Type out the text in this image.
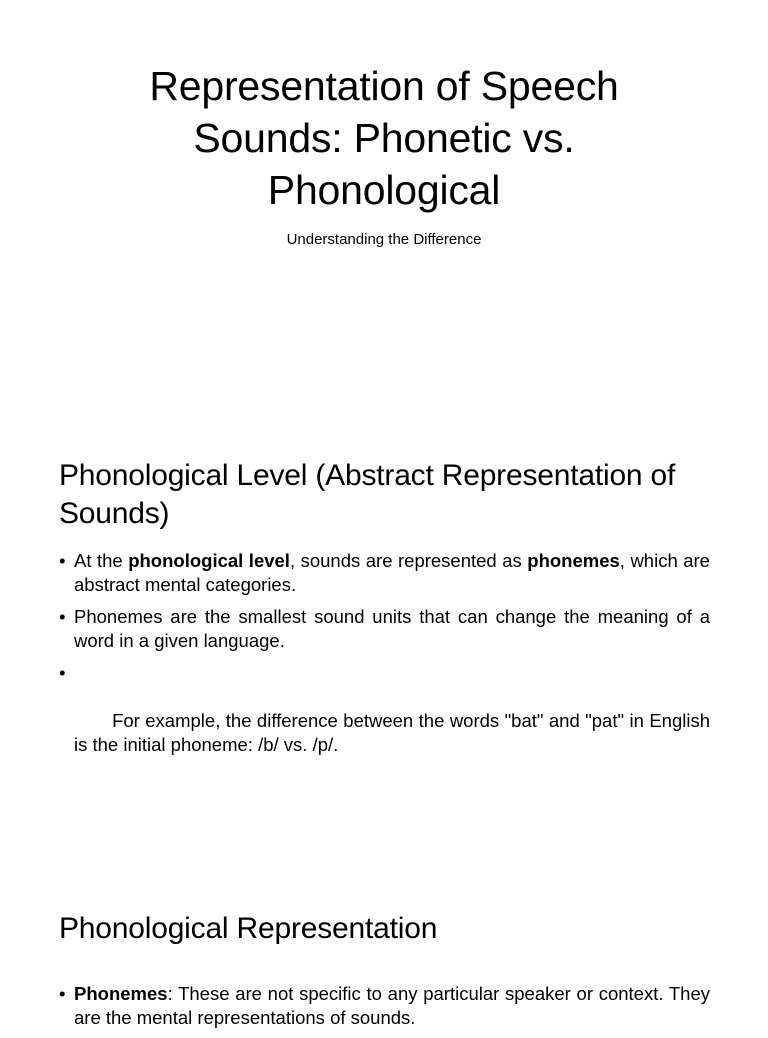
Representation of Speech Sounds: Phonetic vs. Phonological

Understanding the Difference

Phonological Level (Abstract Representation of Sounds)
• At the phonological level, sounds are represented as phonemes, which are abstract mental categories.
• Phonemes are the smallest sound units that can change the meaning of a word in a given language.

•

For example, the difference between the words "bat" and "pat" in English is the initial phoneme: /b/ vs. /p/.

Phonological Representation
• Phonemes: These are not specific to any particular speaker or context. They are the mental representations of sounds.
